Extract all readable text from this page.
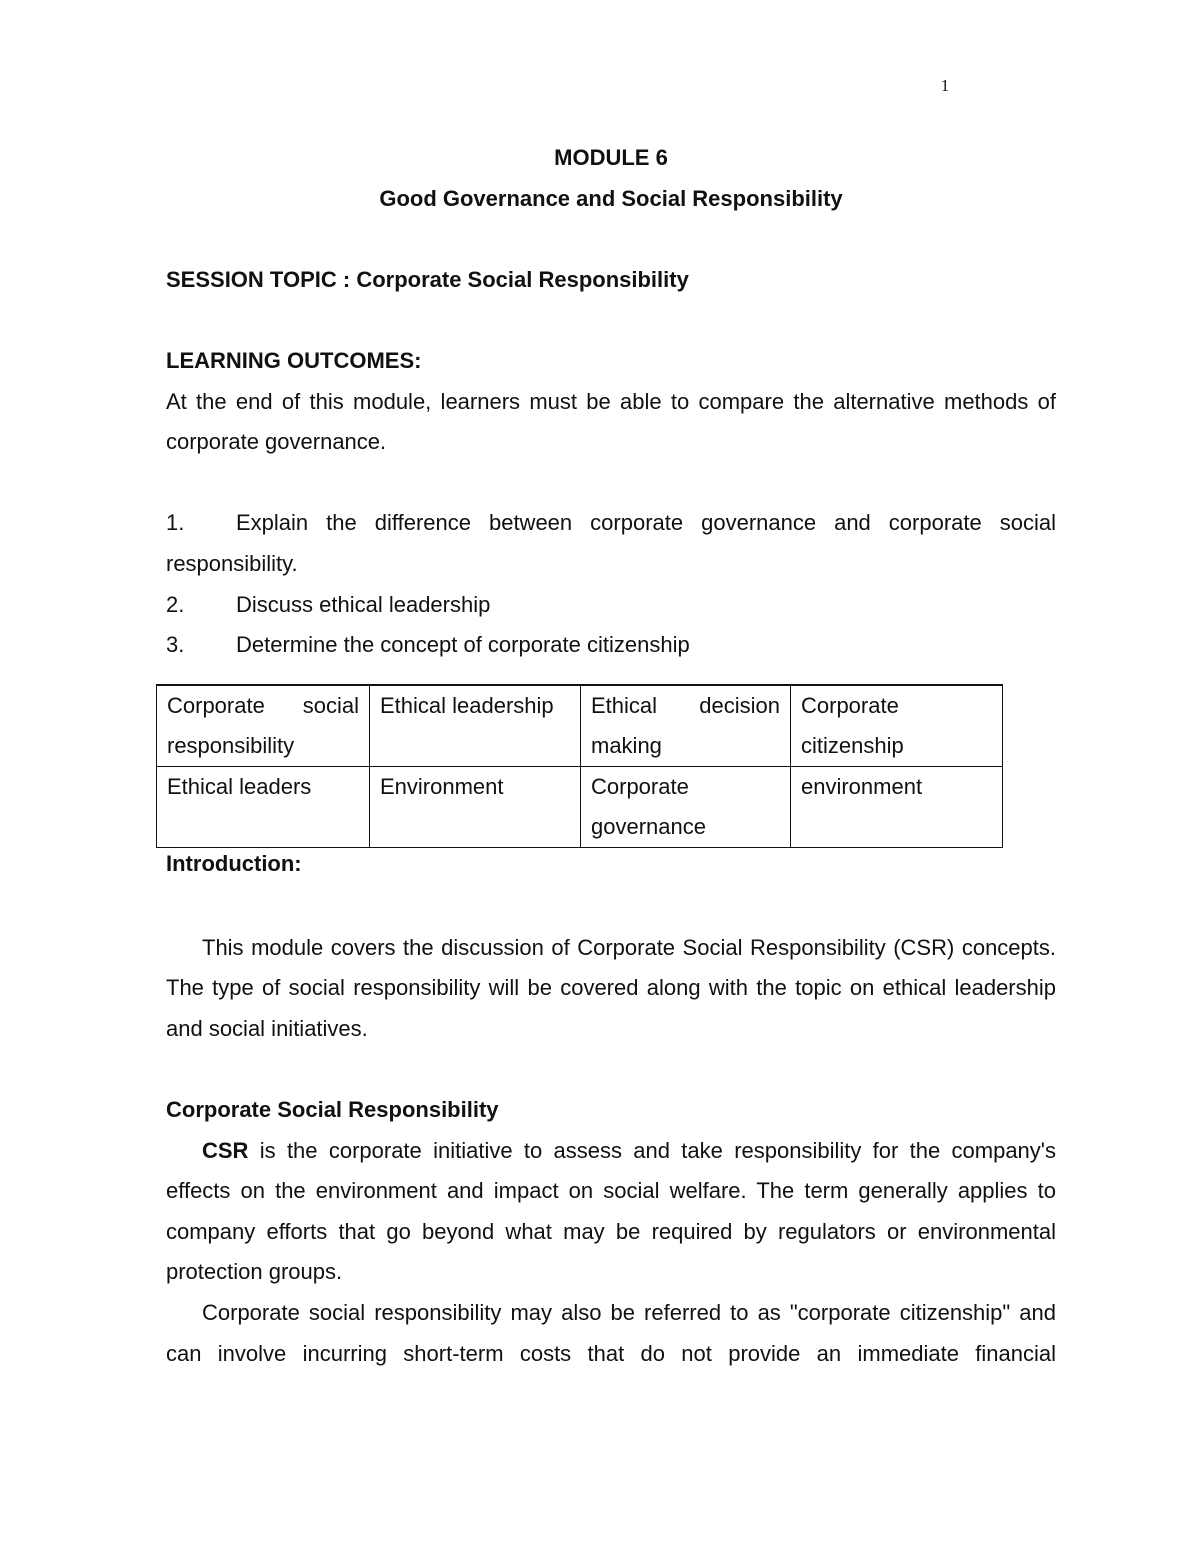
1
MODULE 6
Good Governance and Social Responsibility
SESSION TOPIC : Corporate Social Responsibility
LEARNING OUTCOMES:
At the end of this module, learners must be able to compare the alternative methods of corporate governance.
1.	Explain the difference between corporate governance and corporate social
responsibility.
2.	Discuss ethical leadership
3.	Determine the concept of corporate citizenship
Corporate social responsibility	Ethical leadership	Ethical decision making	Corporate citizenship
Ethical leaders	Environment	Corporate governance	environment
Introduction:
This module covers the discussion of Corporate Social Responsibility (CSR) concepts. The type of social responsibility will be covered along with the topic on ethical leadership and social initiatives.
Corporate Social Responsibility
CSR is the corporate initiative to assess and take responsibility for the company's effects on the environment and impact on social welfare. The term generally applies to company efforts that go beyond what may be required by regulators or environmental protection groups.
Corporate social responsibility may also be referred to as "corporate citizenship" and can involve incurring short-term costs that do not provide an immediate financial
